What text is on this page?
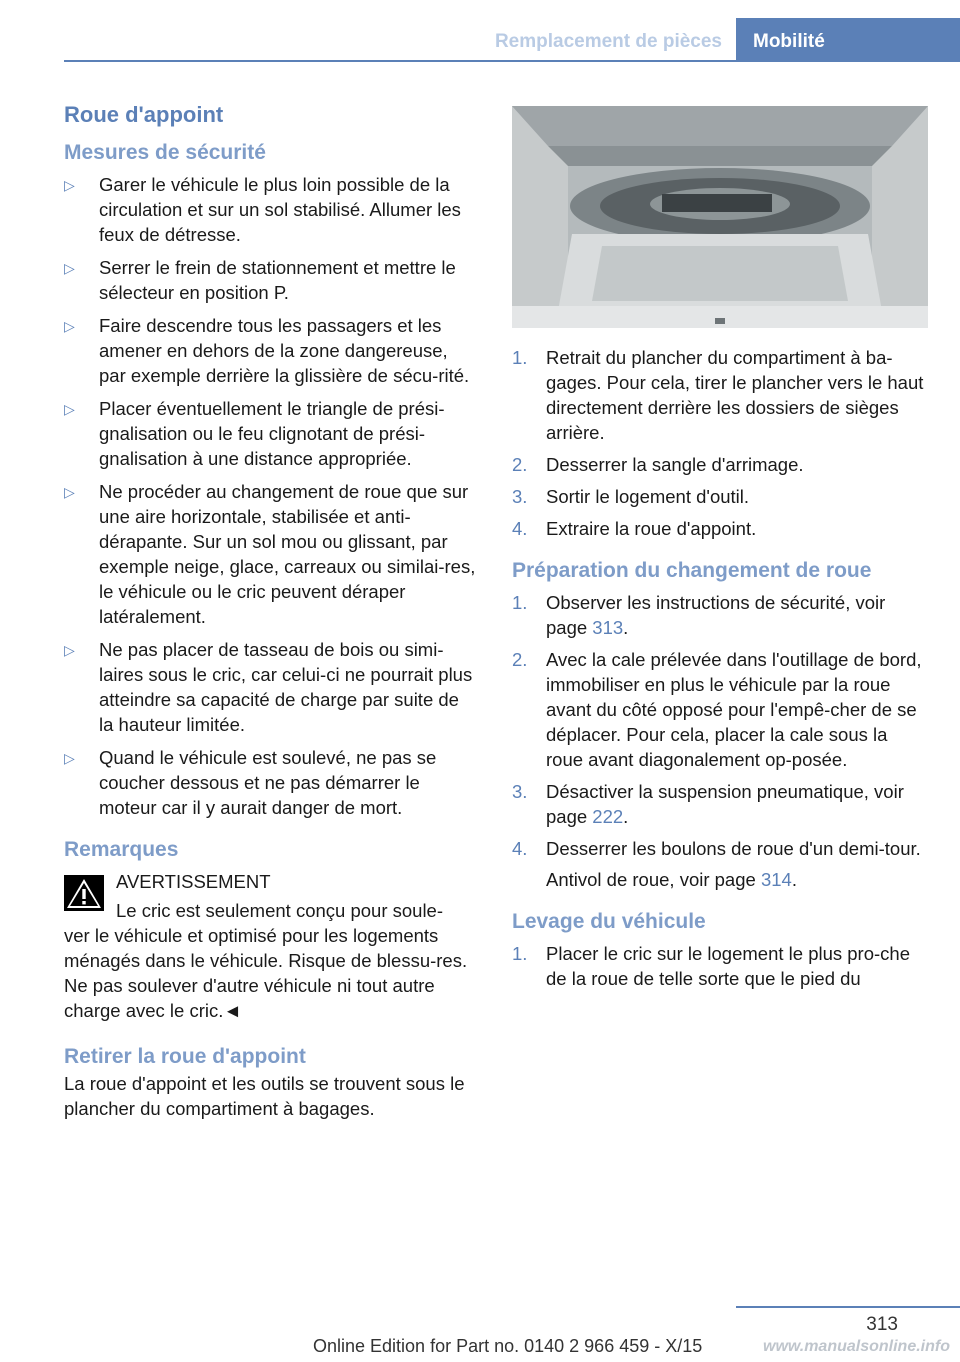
Remplacement de pièces	Mobilité
Roue d'appoint
Mesures de sécurité
▷ Garer le véhicule le plus loin possible de la circulation et sur un sol stabilisé. Allumer les feux de détresse.
▷ Serrer le frein de stationnement et mettre le sélecteur en position P.
▷ Faire descendre tous les passagers et les amener en dehors de la zone dangereuse, par exemple derrière la glissière de sécu‐rité.
▷ Placer éventuellement le triangle de prési‐gnalisation ou le feu clignotant de prési‐gnalisation à une distance appropriée.
▷ Ne procéder au changement de roue que sur une aire horizontale, stabilisée et anti‐dérapante. Sur un sol mou ou glissant, par exemple neige, glace, carreaux ou similai‐res, le véhicule ou le cric peuvent déraper latéralement.
▷ Ne pas placer de tasseau de bois ou simi‐laires sous le cric, car celui-ci ne pourrait plus atteindre sa capacité de charge par suite de la hauteur limitée.
▷ Quand le véhicule est soulevé, ne pas se coucher dessous et ne pas démarrer le moteur car il y aurait danger de mort.
Remarques
AVERTISSEMENT
Le cric est seulement conçu pour soule‐
ver le véhicule et optimisé pour les logements ménagés dans le véhicule. Risque de blessu‐res. Ne pas soulever d'autre véhicule ni tout autre charge avec le cric.◄
Retirer la roue d'appoint
La roue d'appoint et les outils se trouvent sous le plancher du compartiment à bagages.
1. Retrait du plancher du compartiment à ba‐gages. Pour cela, tirer le plancher vers le haut directement derrière les dossiers de sièges arrière.
2. Desserrer la sangle d'arrimage.
3. Sortir le logement d'outil.
4. Extraire la roue d'appoint.
Préparation du changement de roue
1. Observer les instructions de sécurité, voir page 313.
2. Avec la cale prélevée dans l'outillage de bord, immobiliser en plus le véhicule par la roue avant du côté opposé pour l'empê‐cher de se déplacer. Pour cela, placer la cale sous la roue avant diagonalement op‐posée.
3. Désactiver la suspension pneumatique, voir page 222.
4. Desserrer les boulons de roue d'un demi-tour.
Antivol de roue, voir page 314.
Levage du véhicule
1. Placer le cric sur le logement le plus pro‐che de la roue de telle sorte que le pied du
313
Online Edition for Part no. 0140 2 966 459 - X/15	www.manualsonline.info
